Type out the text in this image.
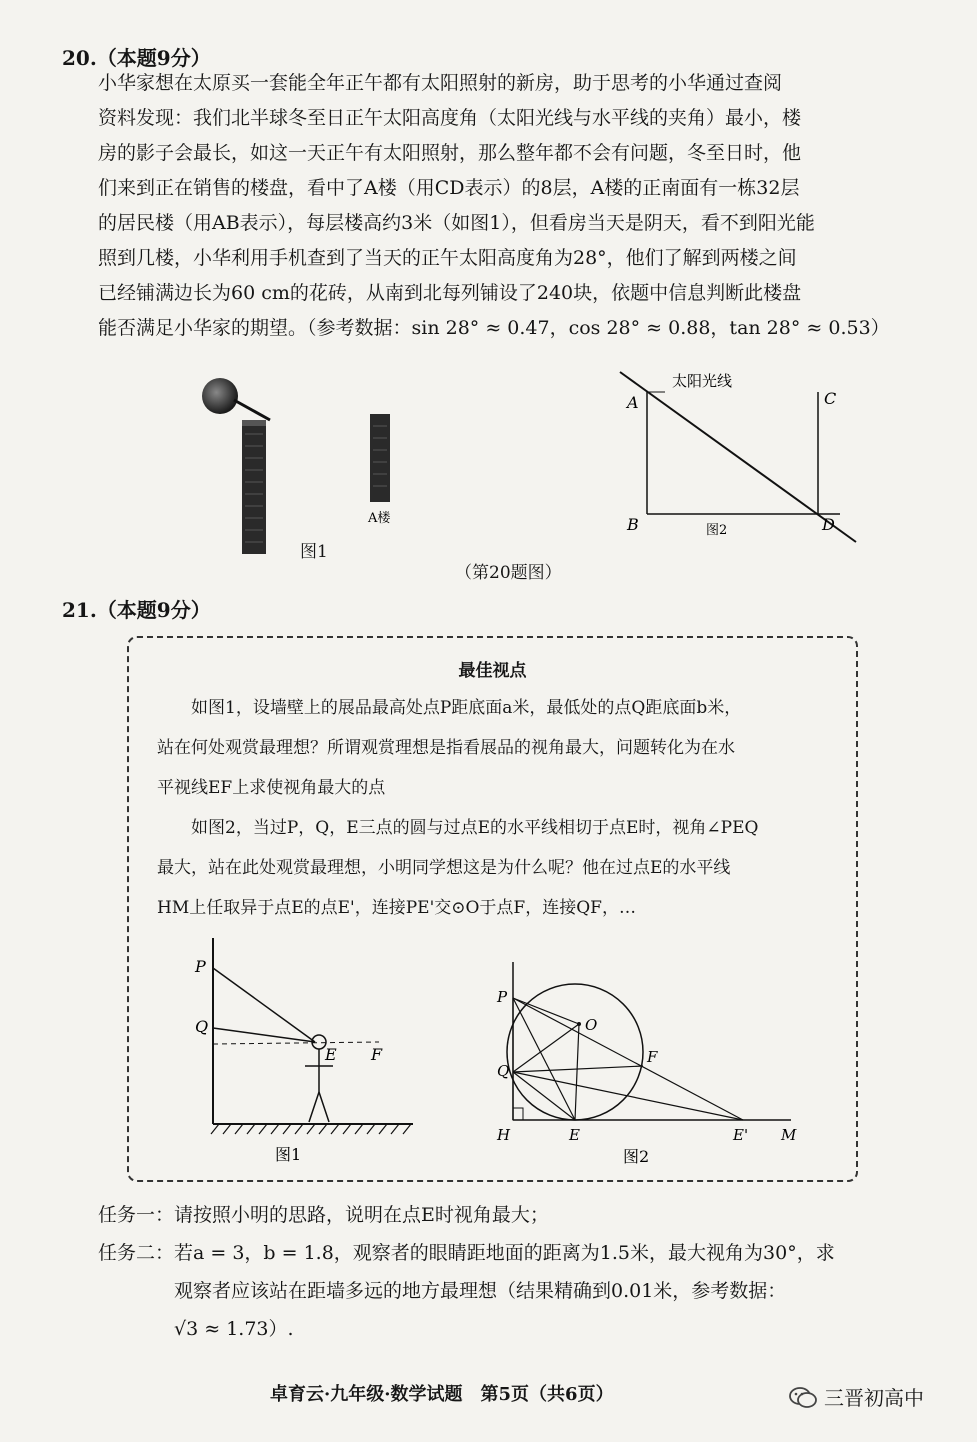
20.（本题9分）
小华家想在太原买一套能全年正午都有太阳照射的新房，助于思考的小华通过查阅
资料发现：我们北半球冬至日正午太阳高度角（太阳光线与水平线的夹角）最小，楼
房的影子会最长，如这一天正午有太阳照射，那么整年都不会有问题，冬至日时，他
们来到正在销售的楼盘，看中了A楼（用CD表示）的8层，A楼的正南面有一栋32层
的居民楼（用AB表示），每层楼高约3米（如图1），但看房当天是阴天，看不到阳光能
照到几楼，小华利用手机查到了当天的正午太阳高度角为28°，他们了解到两楼之间
已经铺满边长为60 cm的花砖，从南到北每列铺设了240块，依题中信息判断此楼盘
能否满足小华家的期望。（参考数据：sin 28° ≈ 0.47，cos 28° ≈ 0.88，tan 28° ≈ 0.53）
A楼
图1
太阳光线
A
B
C
D
图2
（第20题图）
21.（本题9分）
最佳视点
如图1，设墙壁上的展品最高处点P距底面a米，最低处的点Q距底面b米，
站在何处观赏最理想？所谓观赏理想是指看展品的视角最大，问题转化为在水
平视线EF上求使视角最大的点
如图2，当过P，Q，E三点的圆与过点E的水平线相切于点E时，视角∠PEQ
最大，站在此处观赏最理想，小明同学想这是为什么呢？他在过点E的水平线
HM上任取异于点E的点E'，连接PE'交⊙O于点F，连接QF，…
P
Q
E F
图1
P
Q
O
F
H	E	E' M
图2
任务一：请按照小明的思路，说明在点E时视角最大；
任务二：若a = 3，b = 1.8，观察者的眼睛距地面的距离为1.5米，最大视角为30°，求
观察者应该站在距墙多远的地方最理想（结果精确到0.01米，参考数据：
√3 ≈ 1.73）.
卓育云·九年级·数学试题　第5页（共6页）	三晋初高中
